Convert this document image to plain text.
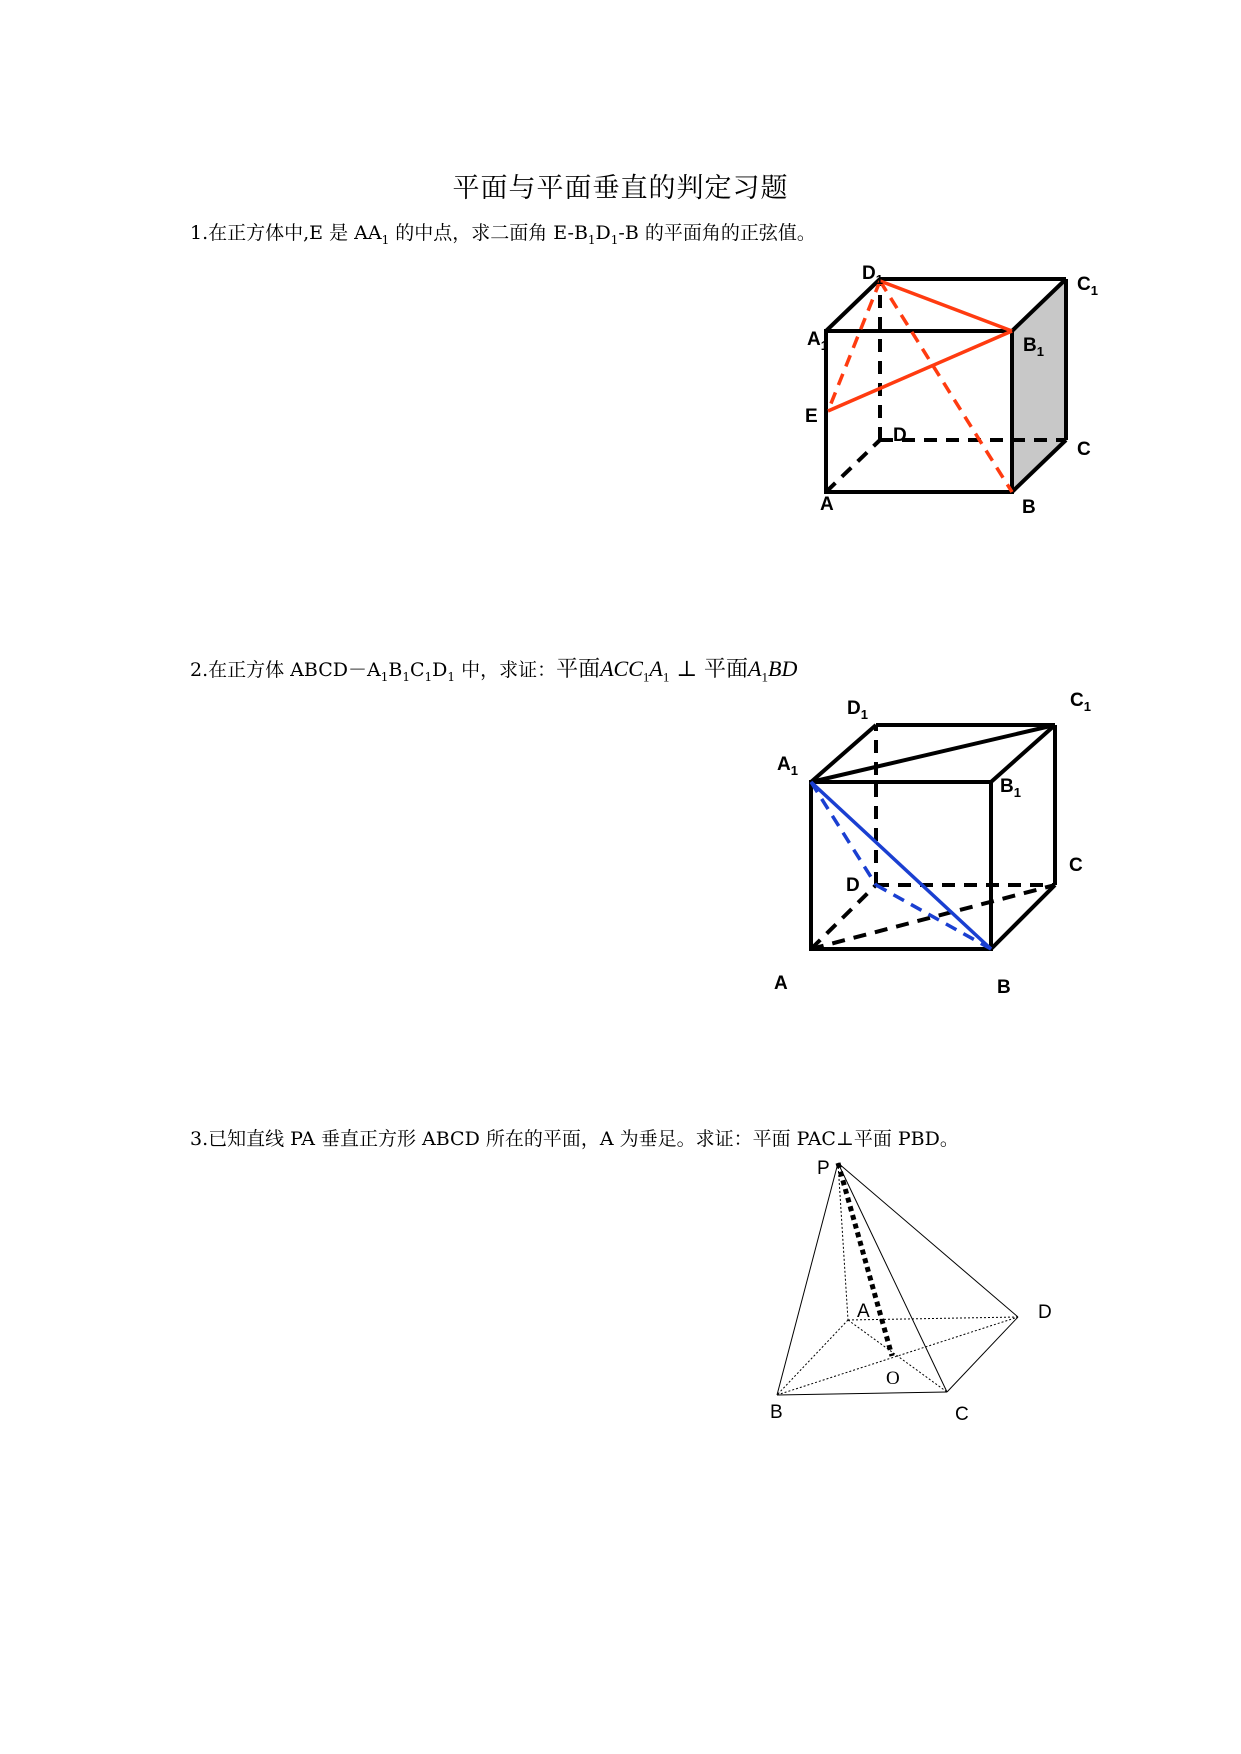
平面与平面垂直的判定习题
1.在正方体中,E 是 $AA_1$ 的中点，求二面角 $E-B_1D_1-B$ 的平面角的正弦值。
2.在正方体 $ABCD-A_1B_1C_1D_1$ 中，求证：平面$ACC_1A_1$ ⊥ 平面$A_1BD$
3.已知直线 PA 垂直正方形 ABCD 所在的平面，A 为垂足。求证：平面 PAC⊥平面 PBD。
$D_1$	$C_1$
$A_1$	$B_1$
E
D
C
A	B
$D_1$
$C_1$
$A_1$
$B_1$
C
D
A	B
P
A	D
B	C
O
